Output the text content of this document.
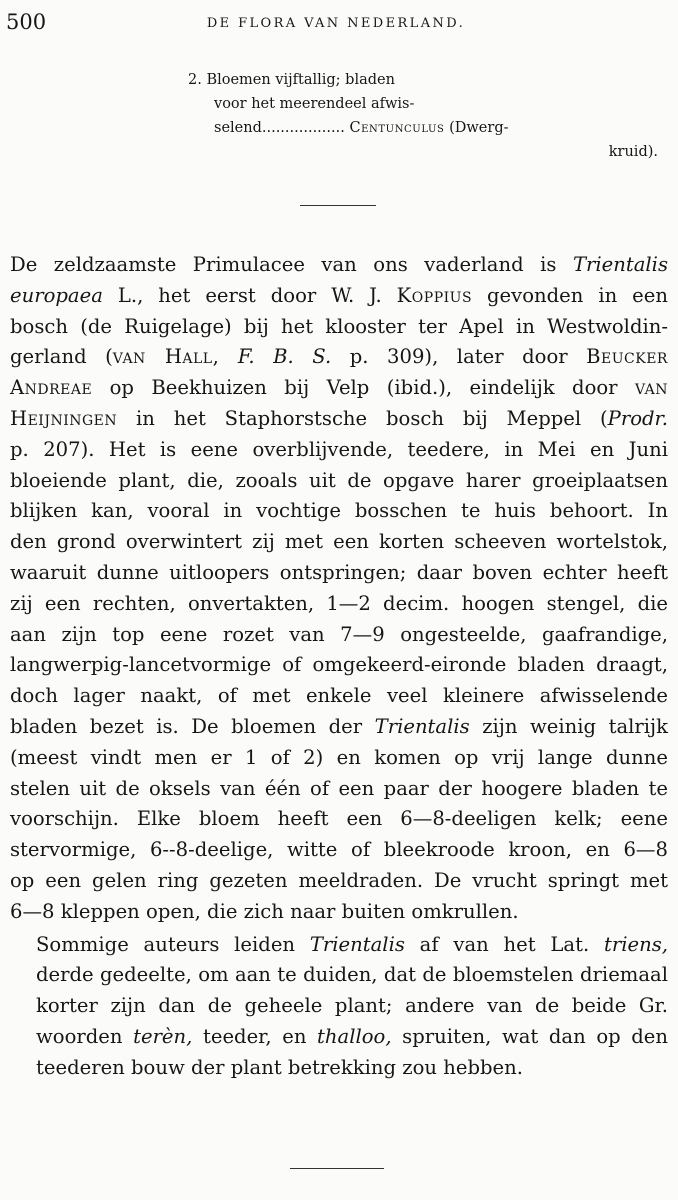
500	DE FLORA VAN NEDERLAND.
2. Bloemen vijftallig; bladen
voor het meerendeel afwis-
selend.................. Centunculus (Dwerg-
kruid).

De zeldzaamste Primulacee van ons vaderland is Trientalis
europaea L., het eerst door W. J. Koppius gevonden in een
bosch (de Ruigelage) bij het klooster ter Apel in Westwoldin-
gerland (van Hall, F. B. S. p. 309), later door Beucker
Andreae op Beekhuizen bij Velp (ibid.), eindelijk door van
Heijningen in het Staphorstsche bosch bij Meppel (Prodr.
p. 207). Het is eene overblijvende, teedere, in Mei en Juni
bloeiende plant, die, zooals uit de opgave harer groeiplaatsen
blijken kan, vooral in vochtige bosschen te huis behoort. In
den grond overwintert zij met een korten scheeven wortelstok,
waaruit dunne uitloopers ontspringen; daar boven echter heeft
zij een rechten, onvertakten, 1—2 decim. hoogen stengel, die
aan zijn top eene rozet van 7—9 ongesteelde, gaafrandige,
langwerpig-lancetvormige of omgekeerd-eironde bladen draagt,
doch lager naakt, of met enkele veel kleinere afwisselende
bladen bezet is. De bloemen der Trientalis zijn weinig talrijk
(meest vindt men er 1 of 2) en komen op vrij lange dunne
stelen uit de oksels van één of een paar der hoogere bladen te
voorschijn. Elke bloem heeft een 6—8-deeligen kelk; eene
stervormige, 6--8-deelige, witte of bleekroode kroon, en 6—8
op een gelen ring gezeten meeldraden. De vrucht springt met
6—8 kleppen open, die zich naar buiten omkrullen.

Sommige auteurs leiden Trientalis af van het Lat. triens,
derde gedeelte, om aan te duiden, dat de bloemstelen driemaal
korter zijn dan de geheele plant; andere van de beide Gr.
woorden terèn, teeder, en thalloo, spruiten, wat dan op den
teederen bouw der plant betrekking zou hebben.
